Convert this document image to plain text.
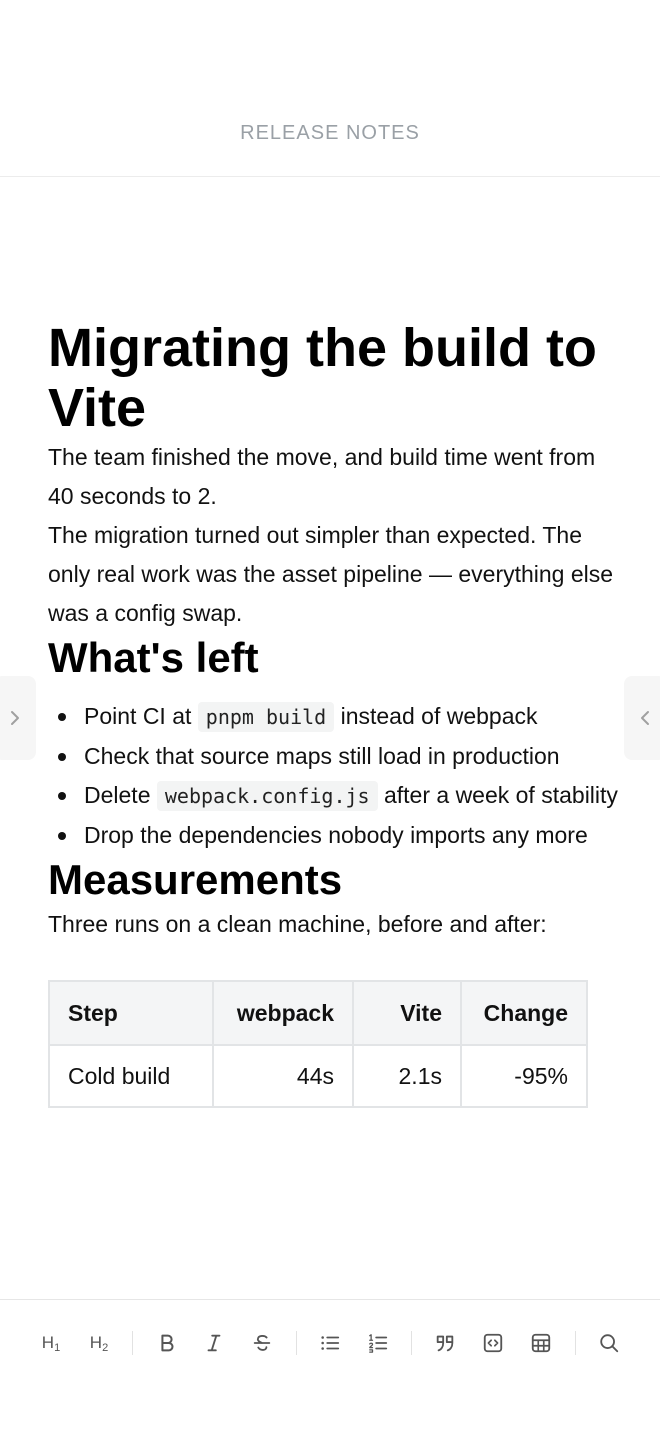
RELEASE NOTES
Migrating the build to Vite

The team finished the move, and build time went from 40 seconds to 2.

The migration turned out simpler than expected. The only real work was the asset pipeline — everything else was a config swap.

What's left
Point CI at pnpm build instead of webpack
Check that source maps still load in production
Delete webpack.config.js after a week of stability
Drop the dependencies nobody imports any more
Measurements

Three runs on a clean machine, before and after:

Step	webpack	Vite	Change
Cold build	44s	2.1s	-95%
$H_1$ $H_2$
